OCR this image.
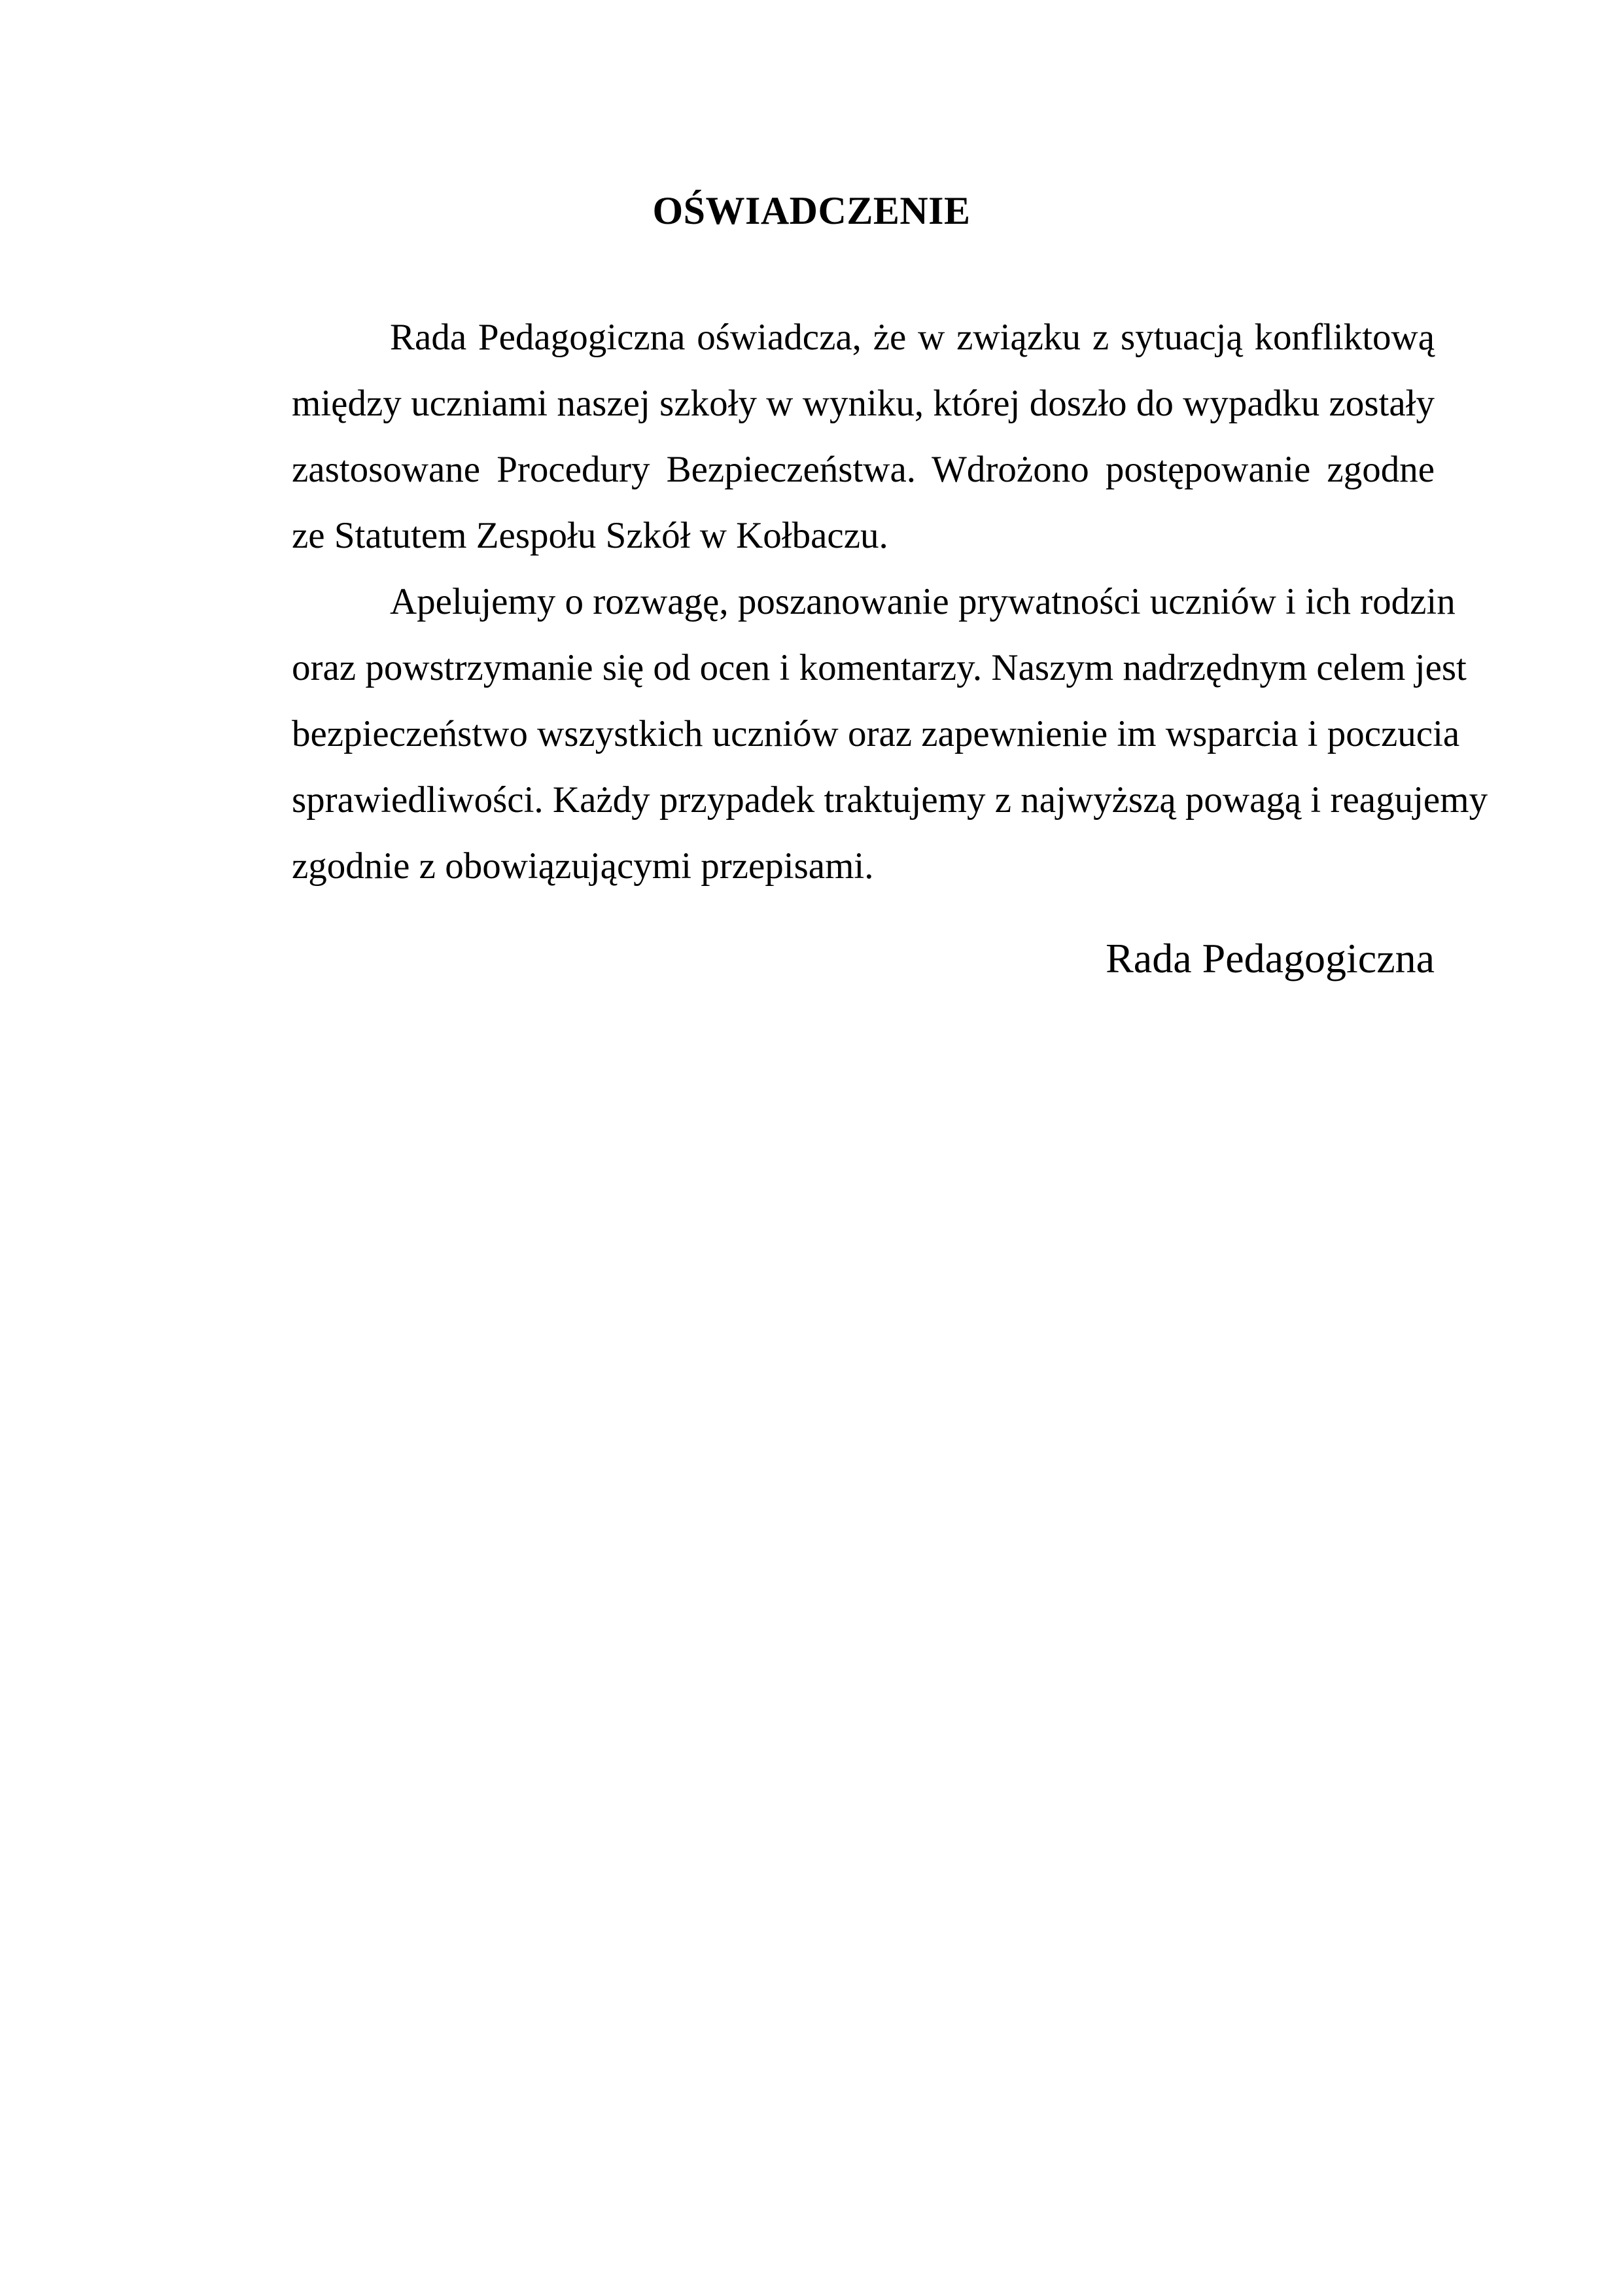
OŚWIADCZENIE
Rada Pedagogiczna oświadcza, że w związku z sytuacją konfliktową
między uczniami naszej szkoły w wyniku, której doszło do wypadku zostały
zastosowane Procedury Bezpieczeństwa. Wdrożono postępowanie zgodne
ze Statutem Zespołu Szkół w Kołbaczu.
Apelujemy o rozwagę, poszanowanie prywatności uczniów i ich rodzin
oraz powstrzymanie się od ocen i komentarzy. Naszym nadrzędnym celem jest
bezpieczeństwo wszystkich uczniów oraz zapewnienie im wsparcia i poczucia
sprawiedliwości. Każdy przypadek traktujemy z najwyższą powagą i reagujemy
zgodnie z obowiązującymi przepisami.

Rada Pedagogiczna
